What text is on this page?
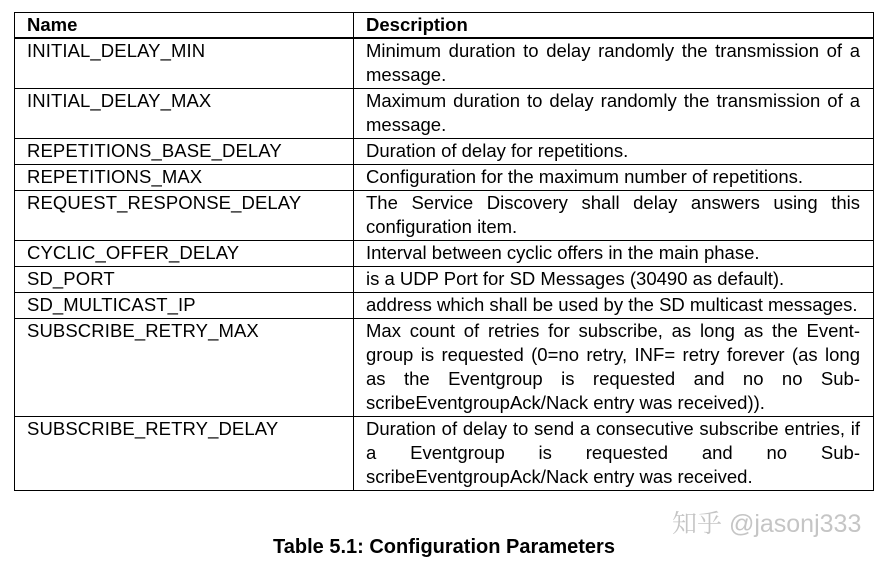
Name	Description
INITIAL_DELAY_MIN	Minimum duration to delay randomly the transmission of a message.
INITIAL_DELAY_MAX	Maximum duration to delay randomly the transmission of a message.
REPETITIONS_BASE_DELAY	Duration of delay for repetitions.
REPETITIONS_MAX	Configuration for the maximum number of repetitions.
REQUEST_RESPONSE_DELAY	The Service Discovery shall delay answers using this configuration item.
CYCLIC_OFFER_DELAY	Interval between cyclic offers in the main phase.
SD_PORT	is a UDP Port for SD Messages (30490 as default).
SD_MULTICAST_IP	address which shall be used by the SD multicast messages.
SUBSCRIBE_RETRY_MAX	Max count of retries for subscribe, as long as the Eventgroup is requested (0=no retry, INF= retry forever (as long as the Eventgroup is requested and no no SubscribeEventgroupAck/Nack entry was received)).
SUBSCRIBE_RETRY_DELAY	Duration of delay to send a consecutive subscribe entries, if a Eventgroup is requested and no SubscribeEventgroupAck/Nack entry was received.
知乎 @jasonj333
Table 5.1: Configuration Parameters
